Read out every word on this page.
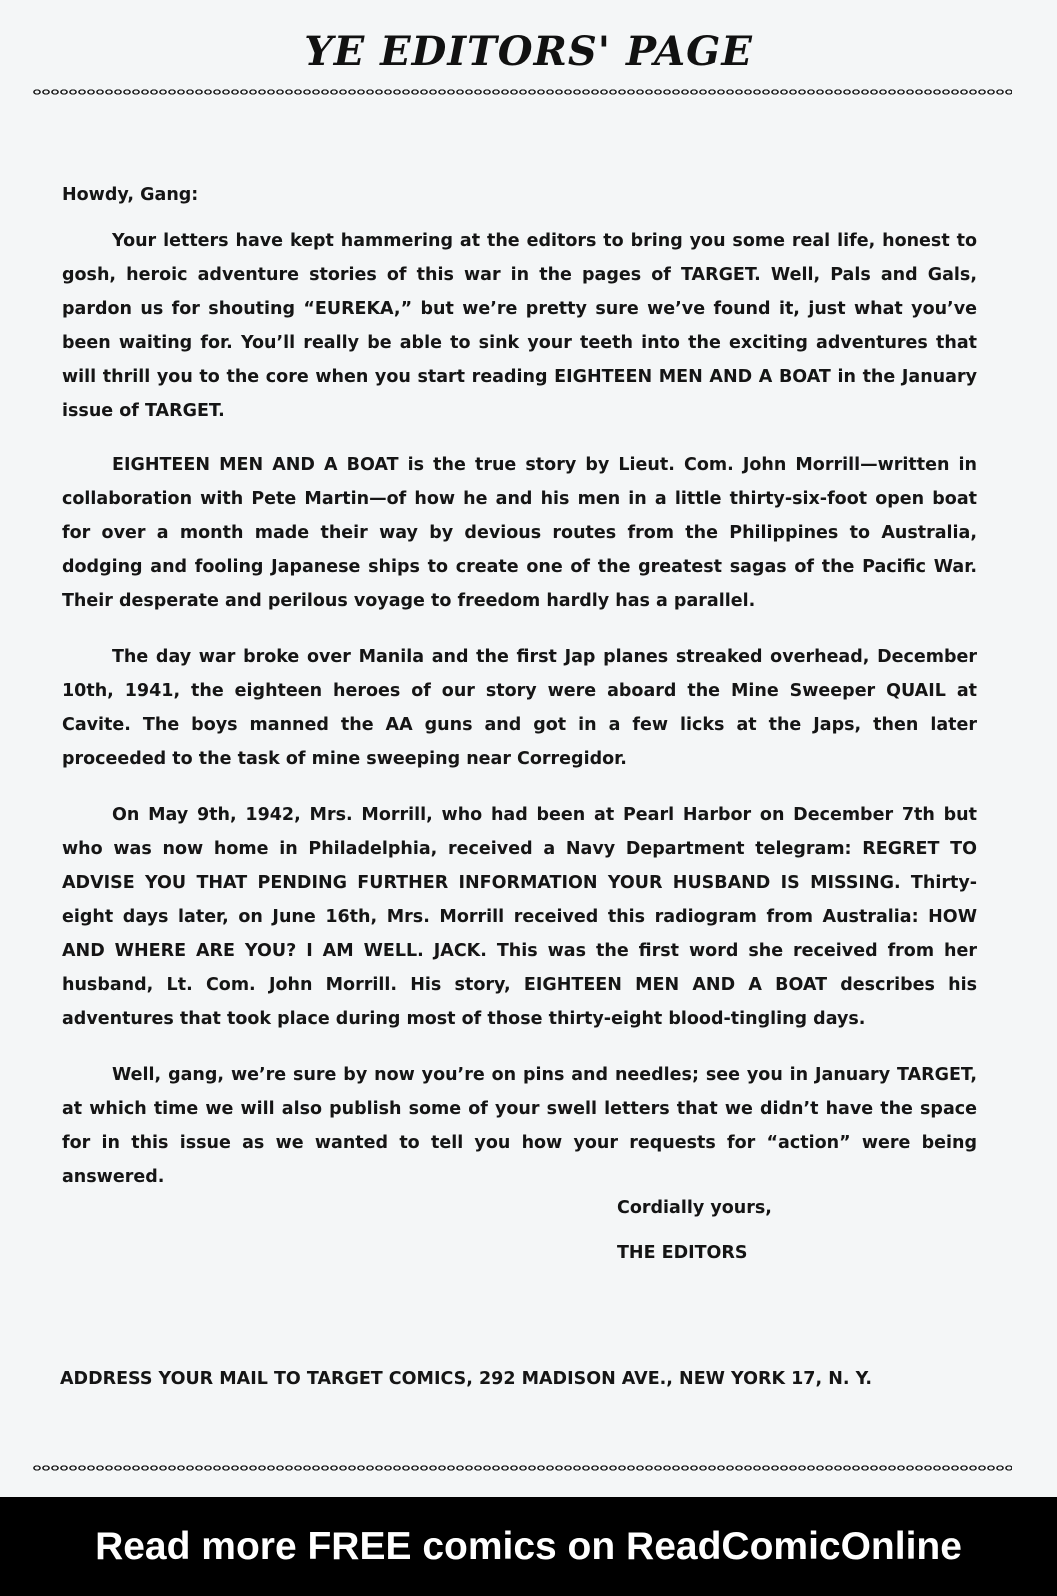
YE EDITORS' PAGE
Howdy, Gang:

Your letters have kept hammering at the editors to bring you some real life, honest to gosh, heroic adventure stories of this war in the pages of TARGET. Well, Pals and Gals, pardon us for shouting “EUREKA,” but we’re pretty sure we’ve found it, just what you’ve been waiting for. You’ll really be able to sink your teeth into the exciting adventures that will thrill you to the core when you start reading EIGHTEEN MEN AND A BOAT in the January issue of TARGET.

EIGHTEEN MEN AND A BOAT is the true story by Lieut. Com. John Morrill—written in collaboration with Pete Martin—of how he and his men in a little thirty-six-foot open boat for over a month made their way by devious routes from the Philippines to Australia, dodging and fooling Japanese ships to create one of the greatest sagas of the Pacific War. Their desperate and perilous voyage to freedom hardly has a parallel.

The day war broke over Manila and the first Jap planes streaked overhead, December 10th, 1941, the eighteen heroes of our story were aboard the Mine Sweeper QUAIL at Cavite. The boys manned the AA guns and got in a few licks at the Japs, then later proceeded to the task of mine sweeping near Corregidor.

On May 9th, 1942, Mrs. Morrill, who had been at Pearl Harbor on December 7th but who was now home in Philadelphia, received a Navy Department telegram: REGRET TO ADVISE YOU THAT PENDING FURTHER INFORMATION YOUR HUSBAND IS MISSING. Thirty-eight days later, on June 16th, Mrs. Morrill received this radiogram from Australia: HOW AND WHERE ARE YOU? I AM WELL. JACK. This was the first word she received from her husband, Lt. Com. John Morrill. His story, EIGHTEEN MEN AND A BOAT describes his adventures that took place during most of those thirty-eight blood-tingling days.

Well, gang, we’re sure by now you’re on pins and needles; see you in January TARGET, at which time we will also publish some of your swell letters that we didn’t have the space for in this issue as we wanted to tell you how your requests for “action” were being answered.

Cordially yours,
THE EDITORS
ADDRESS YOUR MAIL TO TARGET COMICS, 292 MADISON AVE., NEW YORK 17, N. Y.
Read more FREE comics on ReadComicOnline
